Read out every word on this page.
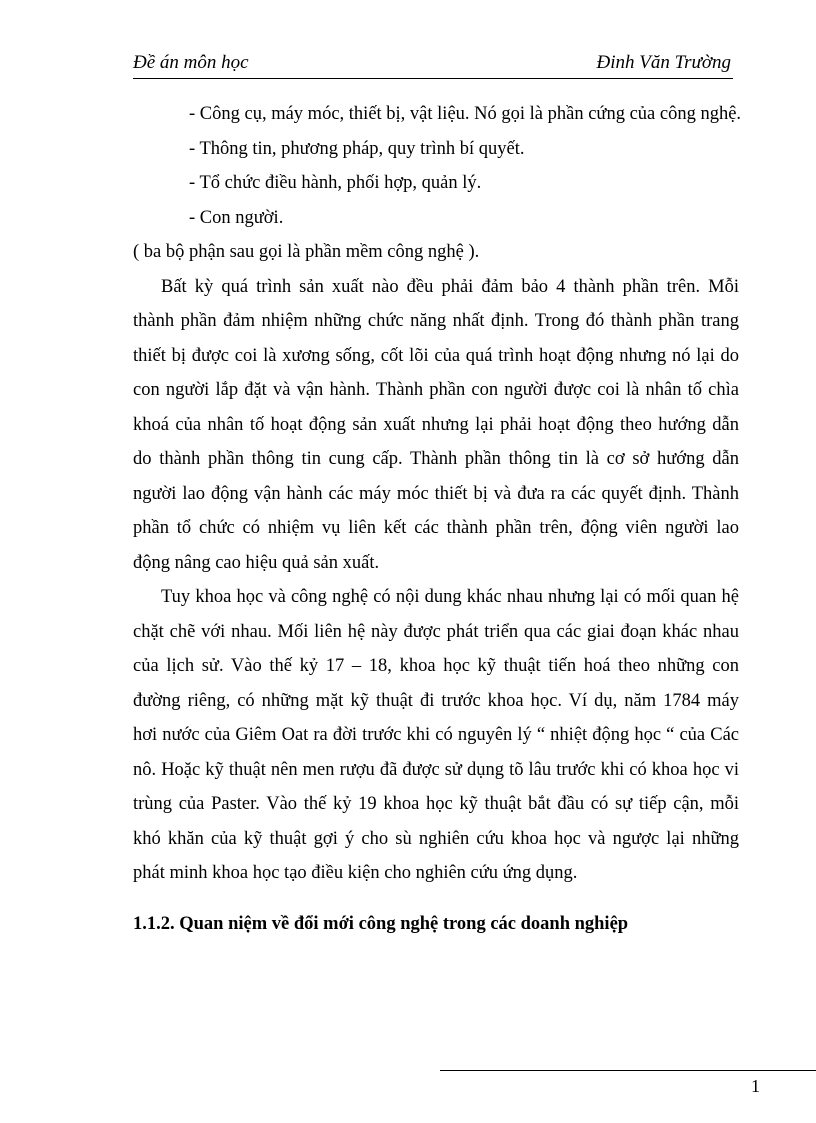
Đề án môn học	Đinh Văn Trường
- Công cụ, máy móc, thiết bị, vật liệu. Nó gọi là phần cứng của công nghệ.
- Thông tin, phương pháp, quy trình bí quyết.
- Tổ chức điều hành, phối hợp, quản lý.
- Con người.
( ba bộ phận sau gọi là phần mềm công nghệ ).
Bất kỳ quá trình sản xuất nào đều phải đảm bảo 4 thành phần trên. Mỗi
thành phần đảm nhiệm những chức năng nhất định. Trong đó thành phần trang
thiết bị được coi là xương sống, cốt lõi của quá trình hoạt động nhưng nó lại do
con người lắp đặt và vận hành. Thành phần con người được coi là nhân tố chìa
khoá của nhân tố hoạt động sản xuất nhưng lại phải hoạt động theo hướng dẫn
do thành phần thông tin cung cấp. Thành phần thông tin là cơ sở hướng dẫn
người lao động vận hành các máy móc thiết bị và đưa ra các quyết định. Thành
phần tổ chức có nhiệm vụ liên kết các thành phần trên, động viên người lao
động nâng cao hiệu quả sản xuất.
Tuy khoa học và công nghệ có nội dung khác nhau nhưng lại có mối quan hệ
chặt chẽ với nhau. Mối liên hệ này được phát triển qua các giai đoạn khác nhau
của lịch sử. Vào thế kỷ 17 – 18, khoa học kỹ thuật tiến hoá theo những con
đường riêng, có những mặt kỹ thuật đi trước khoa học. Ví dụ, năm 1784 máy
hơi nước của Giêm Oat ra đời trước khi có nguyên lý “ nhiệt động học “ của Các
nô. Hoặc kỹ thuật nên men rượu đã được sử dụng tõ lâu trước khi có khoa học vi
trùng của Paster. Vào thế kỷ 19 khoa học kỹ thuật bắt đầu có sự tiếp cận, mỗi
khó khăn của kỹ thuật gợi ý cho sù nghiên cứu khoa học và ngược lại những
phát minh khoa học tạo điều kiện cho nghiên cứu ứng dụng.
1.1.2. Quan niệm về đổi mới công nghệ trong các doanh nghiệp
1
